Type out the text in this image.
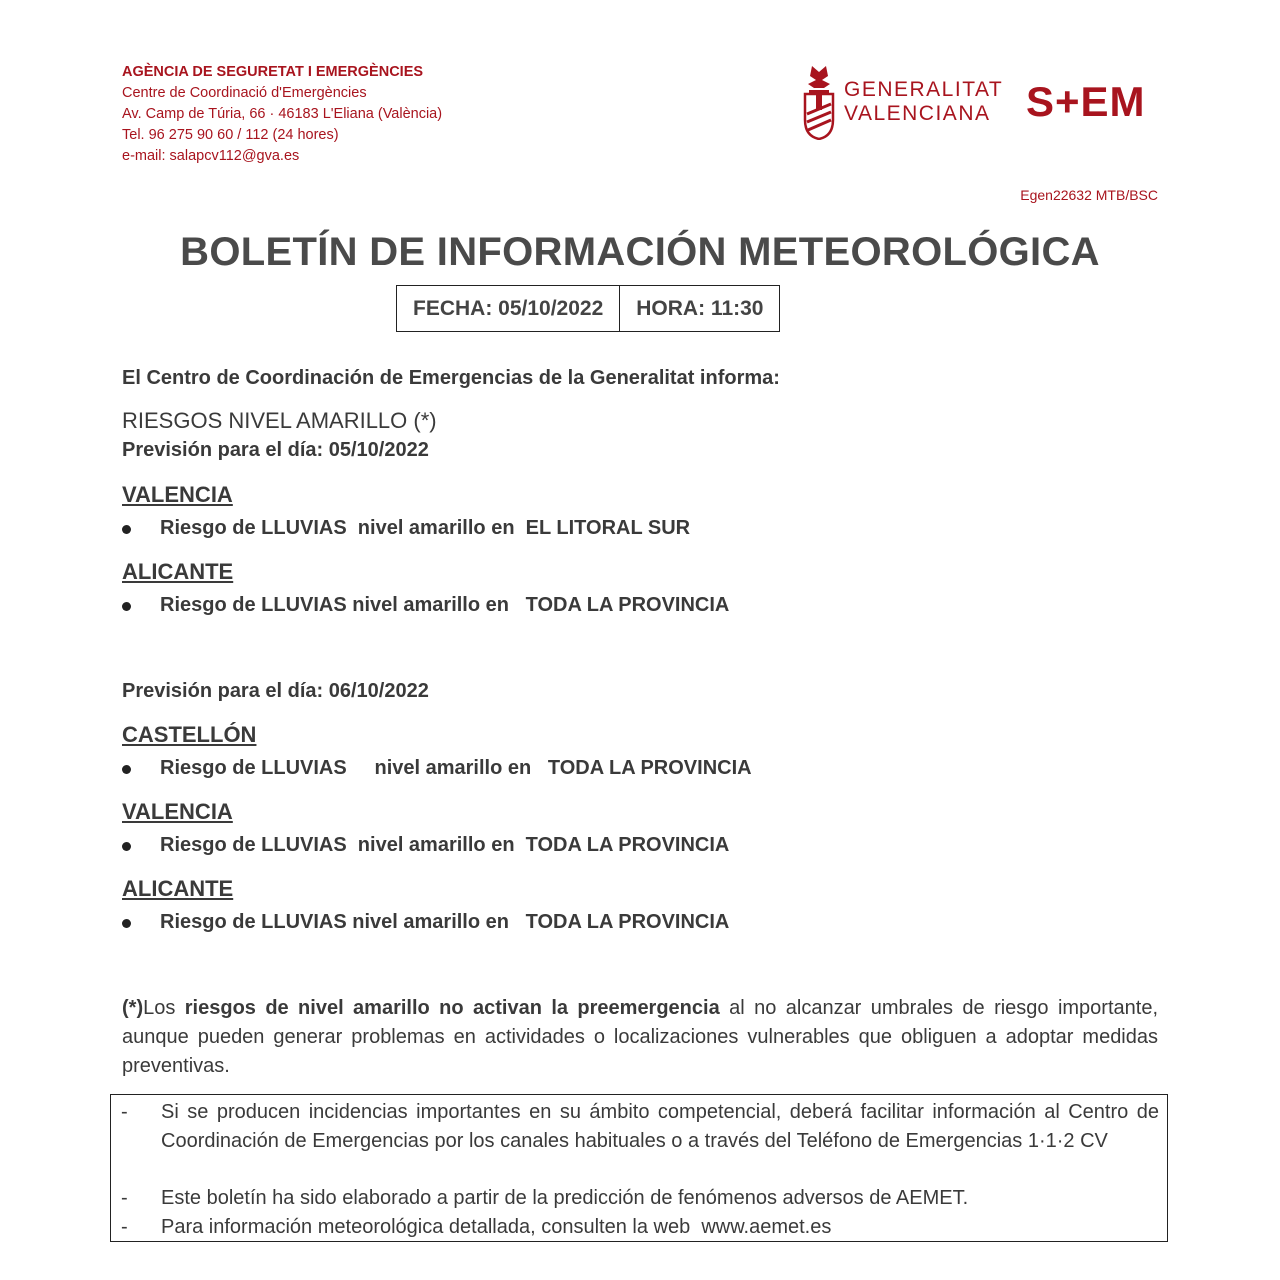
AGÈNCIA DE SEGURETAT I EMERGÈNCIES
Centre de Coordinació d'Emergències
Av. Camp de Túria, 66 · 46183 L'Eliana (València)
Tel. 96 275 90 60 / 112 (24 hores)
e-mail: salapcv112@gva.es
GENERALITAT
VALENCIANA S+EM
Egen22632 MTB/BSC
BOLETÍN DE INFORMACIÓN METEOROLÓGICA
FECHA: 05/10/2022	HORA: 11:30
El Centro de Coordinación de Emergencias de la Generalitat informa:
RIESGOS NIVEL AMARILLO (*)
Previsión para el día: 05/10/2022
VALENCIA
Riesgo de LLUVIAS  nivel amarillo en  EL LITORAL SUR
ALICANTE
Riesgo de LLUVIAS nivel amarillo en   TODA LA PROVINCIA
Previsión para el día: 06/10/2022
CASTELLÓN
Riesgo de LLUVIAS     nivel amarillo en   TODA LA PROVINCIA
VALENCIA
Riesgo de LLUVIAS  nivel amarillo en  TODA LA PROVINCIA
ALICANTE
Riesgo de LLUVIAS nivel amarillo en   TODA LA PROVINCIA
(*)Los riesgos de nivel amarillo no activan la preemergencia al no alcanzar umbrales de riesgo importante, aunque pueden generar problemas en actividades o localizaciones vulnerables que obliguen a adoptar medidas preventivas.
- Si se producen incidencias importantes en su ámbito competencial, deberá facilitar información al Centro de Coordinación de Emergencias por los canales habituales o a través del Teléfono de Emergencias 1·1·2 CV
- Este boletín ha sido elaborado a partir de la predicción de fenómenos adversos de AEMET.
- Para información meteorológica detallada, consulten la web  www.aemet.es
